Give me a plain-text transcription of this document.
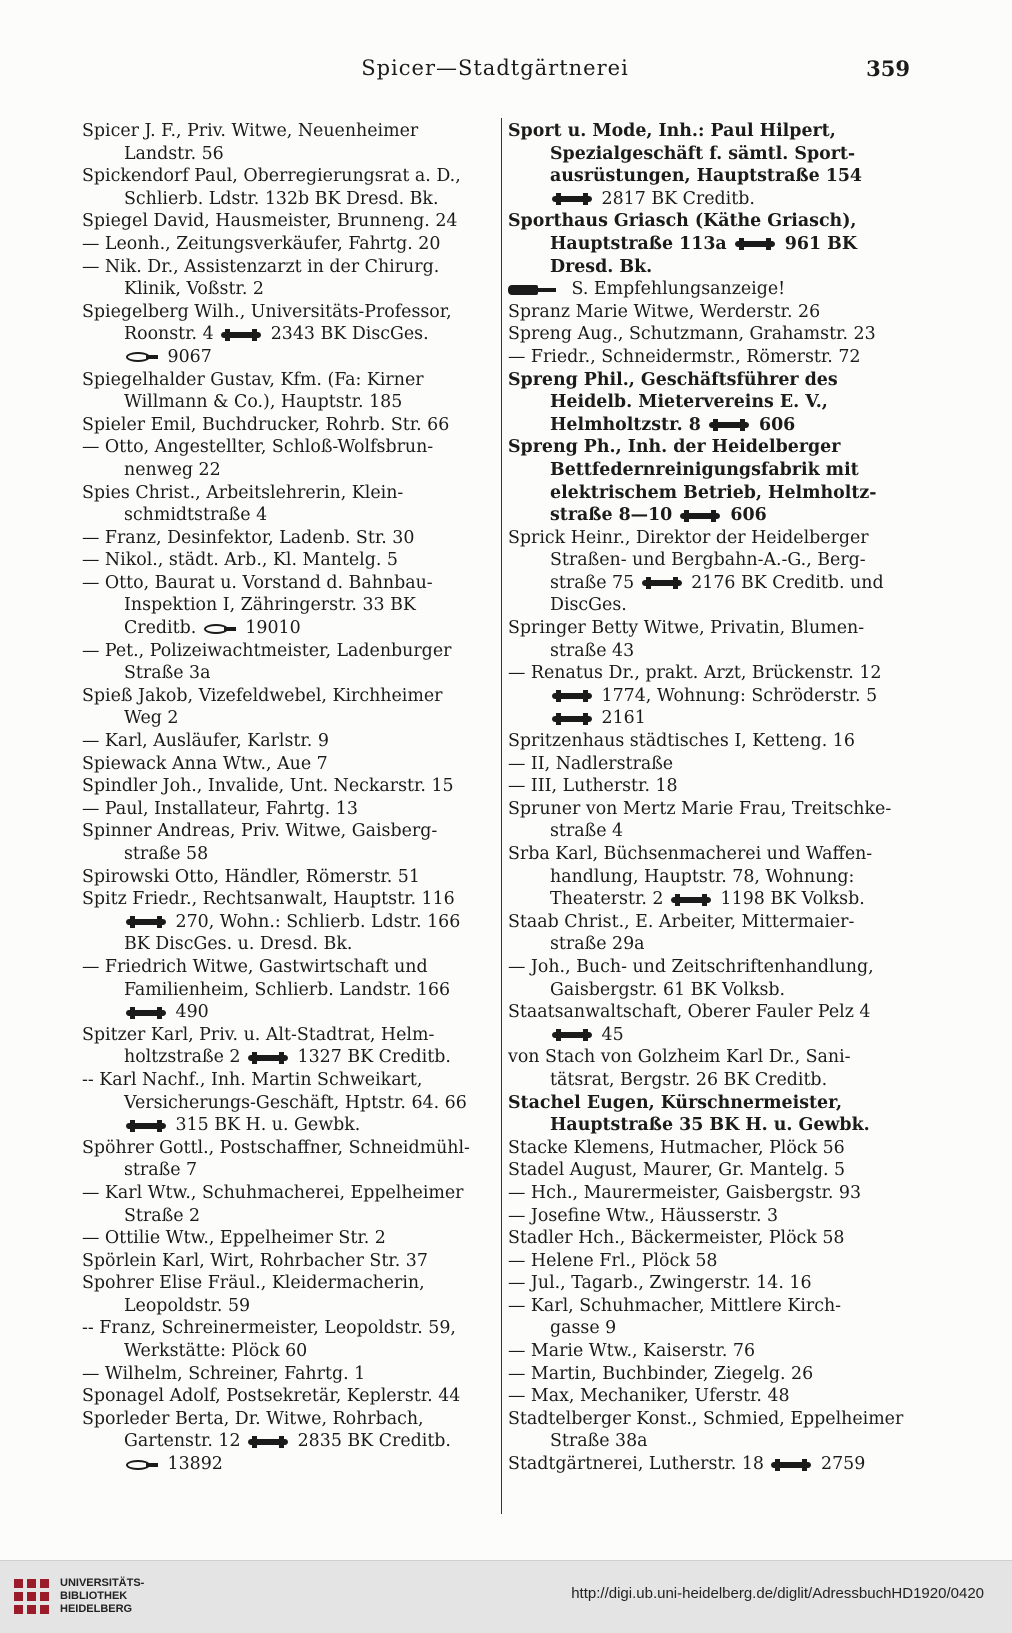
Spicer—Stadtgärtnerei	359
Spicer J. F., Priv. Witwe, Neuenheimer
Landstr. 56
Spickendorf Paul, Oberregierungsrat a. D.,
Schlierb. Ldstr. 132b BK Dresd. Bk.
Spiegel David, Hausmeister, Brunneng. 24
— Leonh., Zeitungsverkäufer, Fahrtg. 20
— Nik. Dr., Assistenzarzt in der Chirurg.
Klinik, Voßstr. 2
Spiegelberg Wilh., Universitäts-Professor,
Roonstr. 4	2343 BK DiscGes.
9067
Spiegelhalder Gustav, Kfm. (Fa: Kirner
Willmann & Co.), Hauptstr. 185
Spieler Emil, Buchdrucker, Rohrb. Str. 66
— Otto, Angestellter, Schloß-Wolfsbrun-
nenweg 22
Spies Christ., Arbeitslehrerin, Klein-
schmidtstraße 4
— Franz, Desinfektor, Ladenb. Str. 30
— Nikol., städt. Arb., Kl. Mantelg. 5
— Otto, Baurat u. Vorstand d. Bahnbau-
Inspektion I, Zähringerstr. 33 BK
Creditb.  19010
— Pet., Polizeiwachtmeister, Ladenburger
Straße 3a
Spieß Jakob, Vizefeldwebel, Kirchheimer
Weg 2
— Karl, Ausläufer, Karlstr. 9
Spiewack Anna Wtw., Aue 7
Spindler Joh., Invalide, Unt. Neckarstr. 15
— Paul, Installateur, Fahrtg. 13
Spinner Andreas, Priv. Witwe, Gaisberg-
straße 58
Spirowski Otto, Händler, Römerstr. 51
Spitz Friedr., Rechtsanwalt, Hauptstr. 116
270, Wohn.: Schlierb. Ldstr. 166
BK DiscGes. u. Dresd. Bk.
— Friedrich Witwe, Gastwirtschaft und
Familienheim, Schlierb. Landstr. 166
490
Spitzer Karl, Priv. u. Alt-Stadtrat, Helm-
holtzstraße 2	1327 BK Creditb.
-- Karl Nachf., Inh. Martin Schweikart,
Versicherungs-Geschäft, Hptstr. 64. 66
315 BK H. u. Gewbk.
Spöhrer Gottl., Postschaffner, Schneidmühl-
straße 7
— Karl Wtw., Schuhmacherei, Eppelheimer
Straße 2
— Ottilie Wtw., Eppelheimer Str. 2
Spörlein Karl, Wirt, Rohrbacher Str. 37
Spohrer Elise Fräul., Kleidermacherin,
Leopoldstr. 59
-- Franz, Schreinermeister, Leopoldstr. 59,
Werkstätte: Plöck 60
— Wilhelm, Schreiner, Fahrtg. 1
Sponagel Adolf, Postsekretär, Keplerstr. 44
Sporleder Berta, Dr. Witwe, Rohrbach,
Gartenstr. 12	2835 BK Creditb.
13892
Sport u. Mode, Inh.: Paul Hilpert,
Spezialgeschäft f. sämtl. Sport-
ausrüstungen, Hauptstraße 154
2817 BK Creditb.
Sporthaus Griasch (Käthe Griasch),
Hauptstraße 113a	961 BK
Dresd. Bk.
S. Empfehlungsanzeige!
Spranz Marie Witwe, Werderstr. 26
Spreng Aug., Schutzmann, Grahamstr. 23
— Friedr., Schneidermstr., Römerstr. 72
Spreng Phil., Geschäftsführer des
Heidelb. Mietervereins E. V.,
Helmholtzstr. 8	606
Spreng Ph., Inh. der Heidelberger
Bettfedernreinigungsfabrik mit
elektrischem Betrieb, Helmholtz-
straße 8—10	606
Sprick Heinr., Direktor der Heidelberger
Straßen- und Bergbahn-A.-G., Berg-
straße 75	2176 BK Creditb. und
DiscGes.
Springer Betty Witwe, Privatin, Blumen-
straße 43
— Renatus Dr., prakt. Arzt, Brückenstr. 12
1774, Wohnung: Schröderstr. 5
2161
Spritzenhaus städtisches I, Ketteng. 16
— II, Nadlerstraße
— III, Lutherstr. 18
Spruner von Mertz Marie Frau, Treitschke-
straße 4
Srba Karl, Büchsenmacherei und Waffen-
handlung, Hauptstr. 78, Wohnung:
Theaterstr. 2	1198 BK Volksb.
Staab Christ., E. Arbeiter, Mittermaier-
straße 29a
— Joh., Buch- und Zeitschriftenhandlung,
Gaisbergstr. 61 BK Volksb.
Staatsanwaltschaft, Oberer Fauler Pelz 4
45
von Stach von Golzheim Karl Dr., Sani-
tätsrat, Bergstr. 26 BK Creditb.
Stachel Eugen, Kürschnermeister,
Hauptstraße 35 BK H. u. Gewbk.
Stacke Klemens, Hutmacher, Plöck 56
Stadel August, Maurer, Gr. Mantelg. 5
— Hch., Maurermeister, Gaisbergstr. 93
— Josefine Wtw., Häusserstr. 3
Stadler Hch., Bäckermeister, Plöck 58
— Helene Frl., Plöck 58
— Jul., Tagarb., Zwingerstr. 14. 16
— Karl, Schuhmacher, Mittlere Kirch-
gasse 9
— Marie Wtw., Kaiserstr. 76
— Martin, Buchbinder, Ziegelg. 26
— Max, Mechaniker, Uferstr. 48
Stadtelberger Konst., Schmied, Eppelheimer
Straße 38a
Stadtgärtnerei, Lutherstr. 18	2759
UNIVERSITÄTS-
BIBLIOTHEK
HEIDELBERG
http://digi.ub.uni-heidelberg.de/diglit/AdressbuchHD1920/0420
